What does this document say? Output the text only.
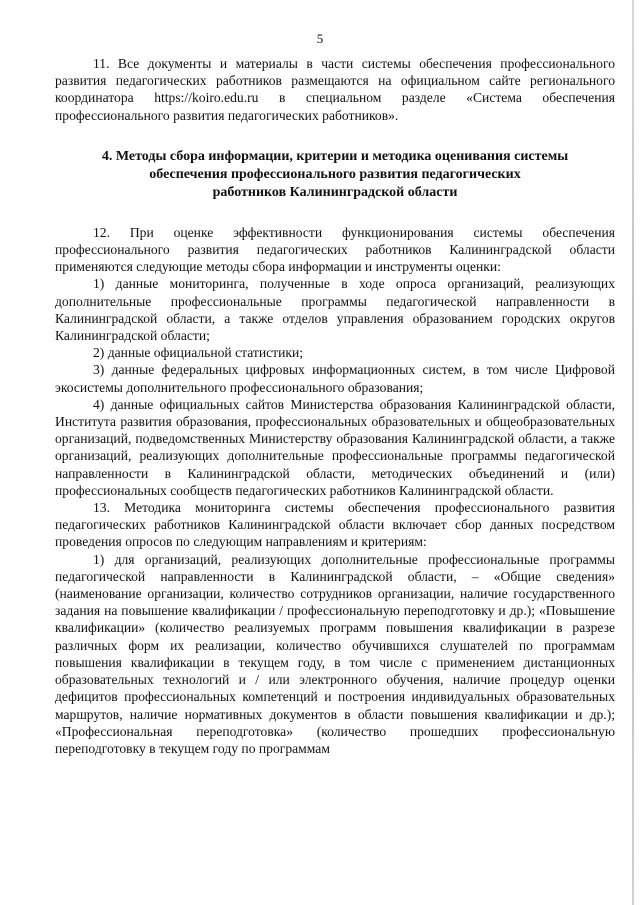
5

11. Все документы и материалы в части системы обеспечения профессионального развития педагогических работников размещаются на официальном сайте регионального координатора https://koiro.edu.ru в специальном разделе «Система обеспечения профессионального развития педагогических работников».

4. Методы сбора информации, критерии и методика оценивания системы
обеспечения профессионального развития педагогических
работников Калининградской области

12. При оценке эффективности функционирования системы обеспечения профессионального развития педагогических работников Калининградской области применяются следующие методы сбора информации и инструменты оценки:

1) данные мониторинга, полученные в ходе опроса организаций, реализующих дополнительные профессиональные программы педагогической направленности в Калининградской области, а также отделов управления образованием городских округов Калининградской области;

2) данные официальной статистики;

3) данные федеральных цифровых информационных систем, в том числе Цифровой экосистемы дополнительного профессионального образования;

4) данные официальных сайтов Министерства образования Калининградской области, Института развития образования, профессиональных образовательных и общеобразовательных организаций, подведомственных Министерству образования Калининградской области, а также организаций, реализующих дополнительные профессиональные программы педагогической направленности в Калининградской области, методических объединений и (или) профессиональных сообществ педагогических работников Калининградской области.

13. Методика мониторинга системы обеспечения профессионального развития педагогических работников Калининградской области включает сбор данных посредством проведения опросов по следующим направлениям и критериям:

1) для организаций, реализующих дополнительные профессиональные программы педагогической направленности в Калининградской области, – «Общие сведения» (наименование организации, количество сотрудников организации, наличие государственного задания на повышение квалификации / профессиональную переподготовку и др.); «Повышение квалификации» (количество реализуемых программ повышения квалификации в разрезе различных форм их реализации, количество обучившихся слушателей по программам повышения квалификации в текущем году, в том числе с применением дистанционных образовательных технологий и / или электронного обучения, наличие процедур оценки дефицитов профессиональных компетенций и построения индивидуальных образовательных маршрутов, наличие нормативных документов в области повышения квалификации и др.); «Профессиональная переподготовка» (количество прошедших профессиональную переподготовку в текущем году по программам
